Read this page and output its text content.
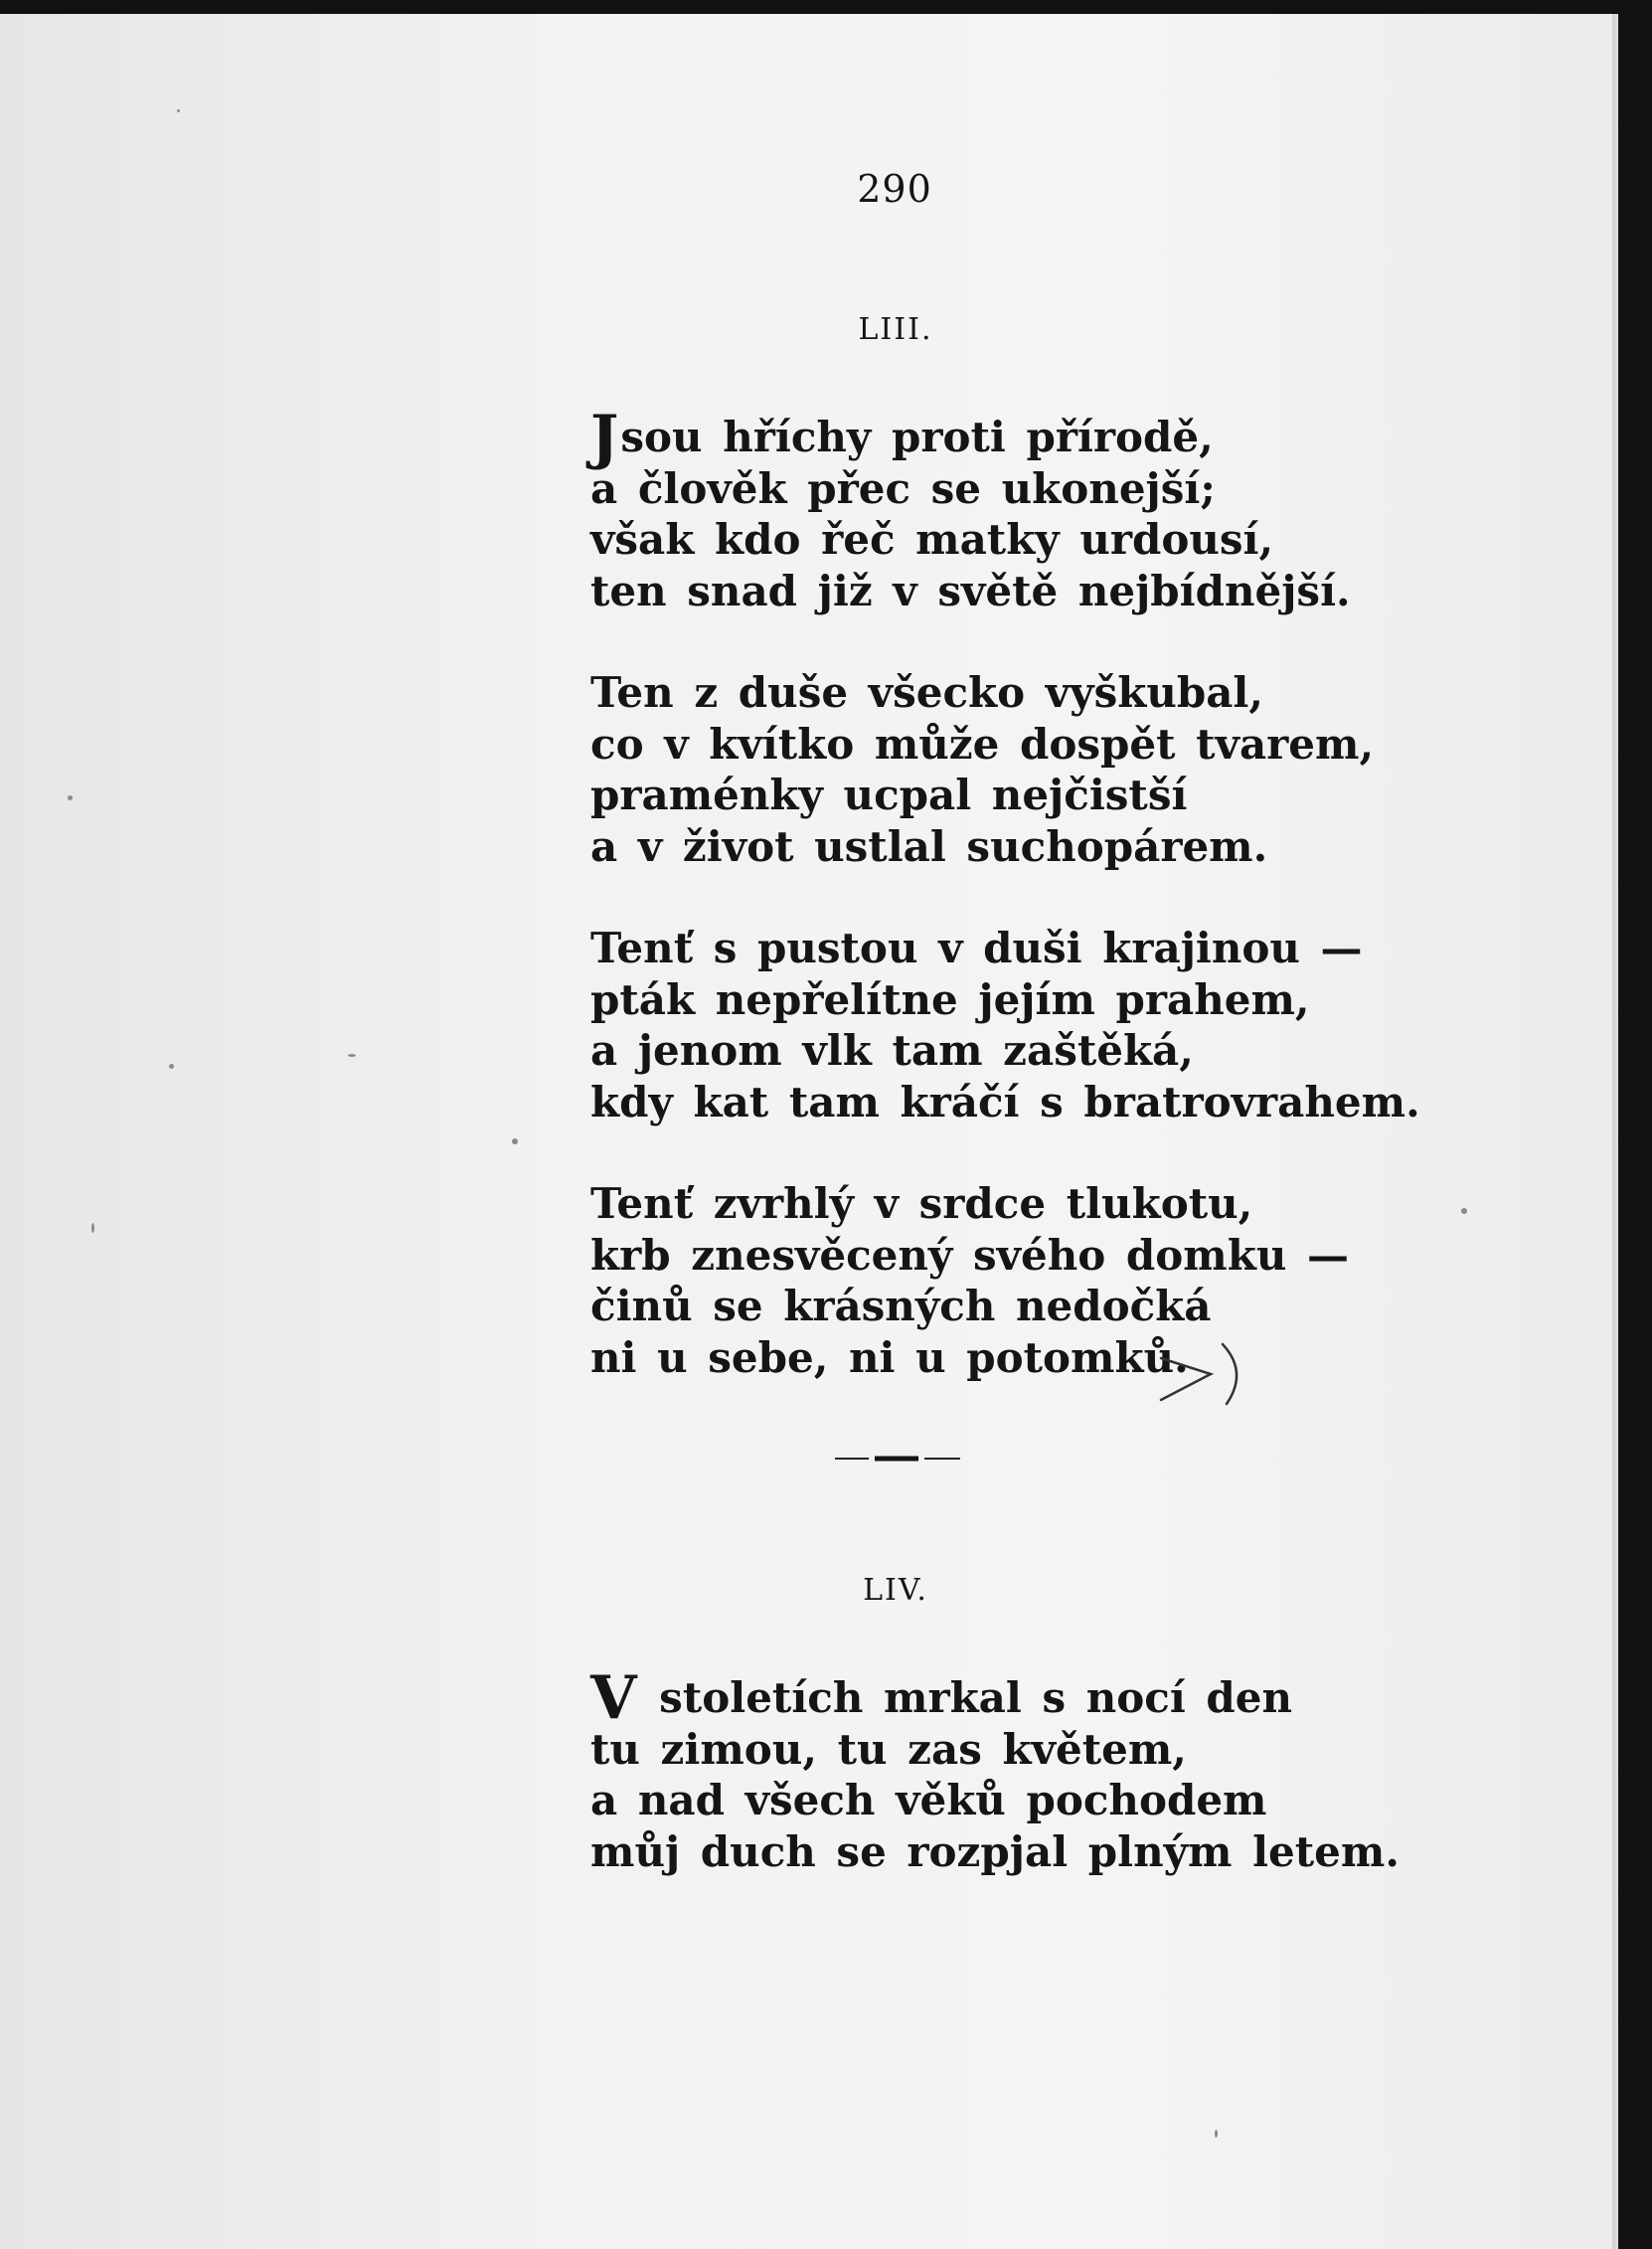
290
LIII.
Jsou hříchy proti přírodě,
a člověk přec se ukonejší;
však kdo řeč matky urdousí,
ten snad již v světě nejbídnější.
Ten z duše všecko vyškubal,
co v kvítko může dospět tvarem,
praménky ucpal nejčistší
a v život ustlal suchopárem.
Tenť s pustou v duši krajinou —
pták nepřelítne jejím prahem,
a jenom vlk tam zaštěká,
kdy kat tam kráčí s bratrovrahem.
Tenť zvrhlý v srdce tlukotu,
krb znesvěcený svého domku —
činů se krásných nedočká
ni u sebe, ni u potomků.
LIV.
V stoletích mrkal s nocí den
tu zimou, tu zas květem,
a nad všech věků pochodem
můj duch se rozpjal plným letem.
